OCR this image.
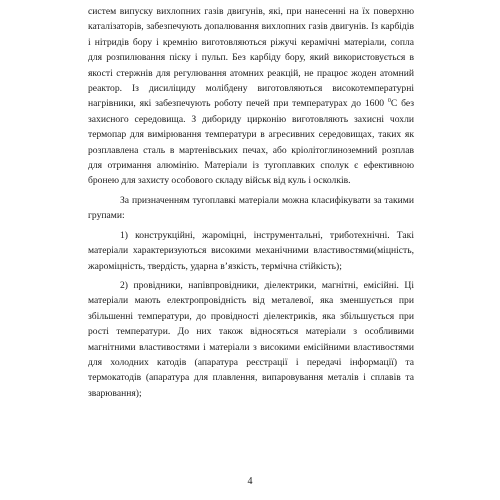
систем випуску вихлопних газів двигунів, які, при нанесенні на їх поверхню каталізаторів, забезпечують допалювання вихлопних газів двигунів. Із карбідів і нітридів бору і кремнію виготовляються ріжучі керамічні матеріали, сопла для розпилювання піску і пульп. Без карбіду бору, який використовується в якості стержнів для регулювання атомних реакцій, не працює жоден атомний реактор. Із дисиліциду молібдену виготовляються високотемпературні нагрівники, які забезпечують роботу печей при температурах до 1600 $^0$С без захисного середовища. З дибориду цирконію виготовляють захисні чохли термопар для вимірювання температури в агресивних середовищах, таких як розплавлена сталь в мартенівських печах, або кріолітоглиноземний розплав для отримання алюмінію. Матеріали із тугоплавких сполук є ефективною бронею для захисту особового складу військ від куль і осколків.

За призначенням тугоплавкі матеріали можна класифікувати за такими групами:

1) конструкційні, жароміцні, інструментальні, триботехнічні. Такі матеріали характеризуються високими механічними властивостями(міцність, жароміцність, твердість, ударна в’язкість, термічна стійкість);

2) провідники, напівпровідники, діелектрики, магнітні, емісійні. Ці матеріали мають електропровідність від металевої, яка зменшується при збільшенні температури, до провідності діелектриків, яка збільшується при рості температури. До них також відносяться матеріали з особливими магнітними властивостями і матеріали з високими емісійними властивостями для холодних катодів (апаратура реєстрації і передачі інформації) та термокатодів (апаратура для плавлення, випаровування металів і сплавів та зварювання);

4
